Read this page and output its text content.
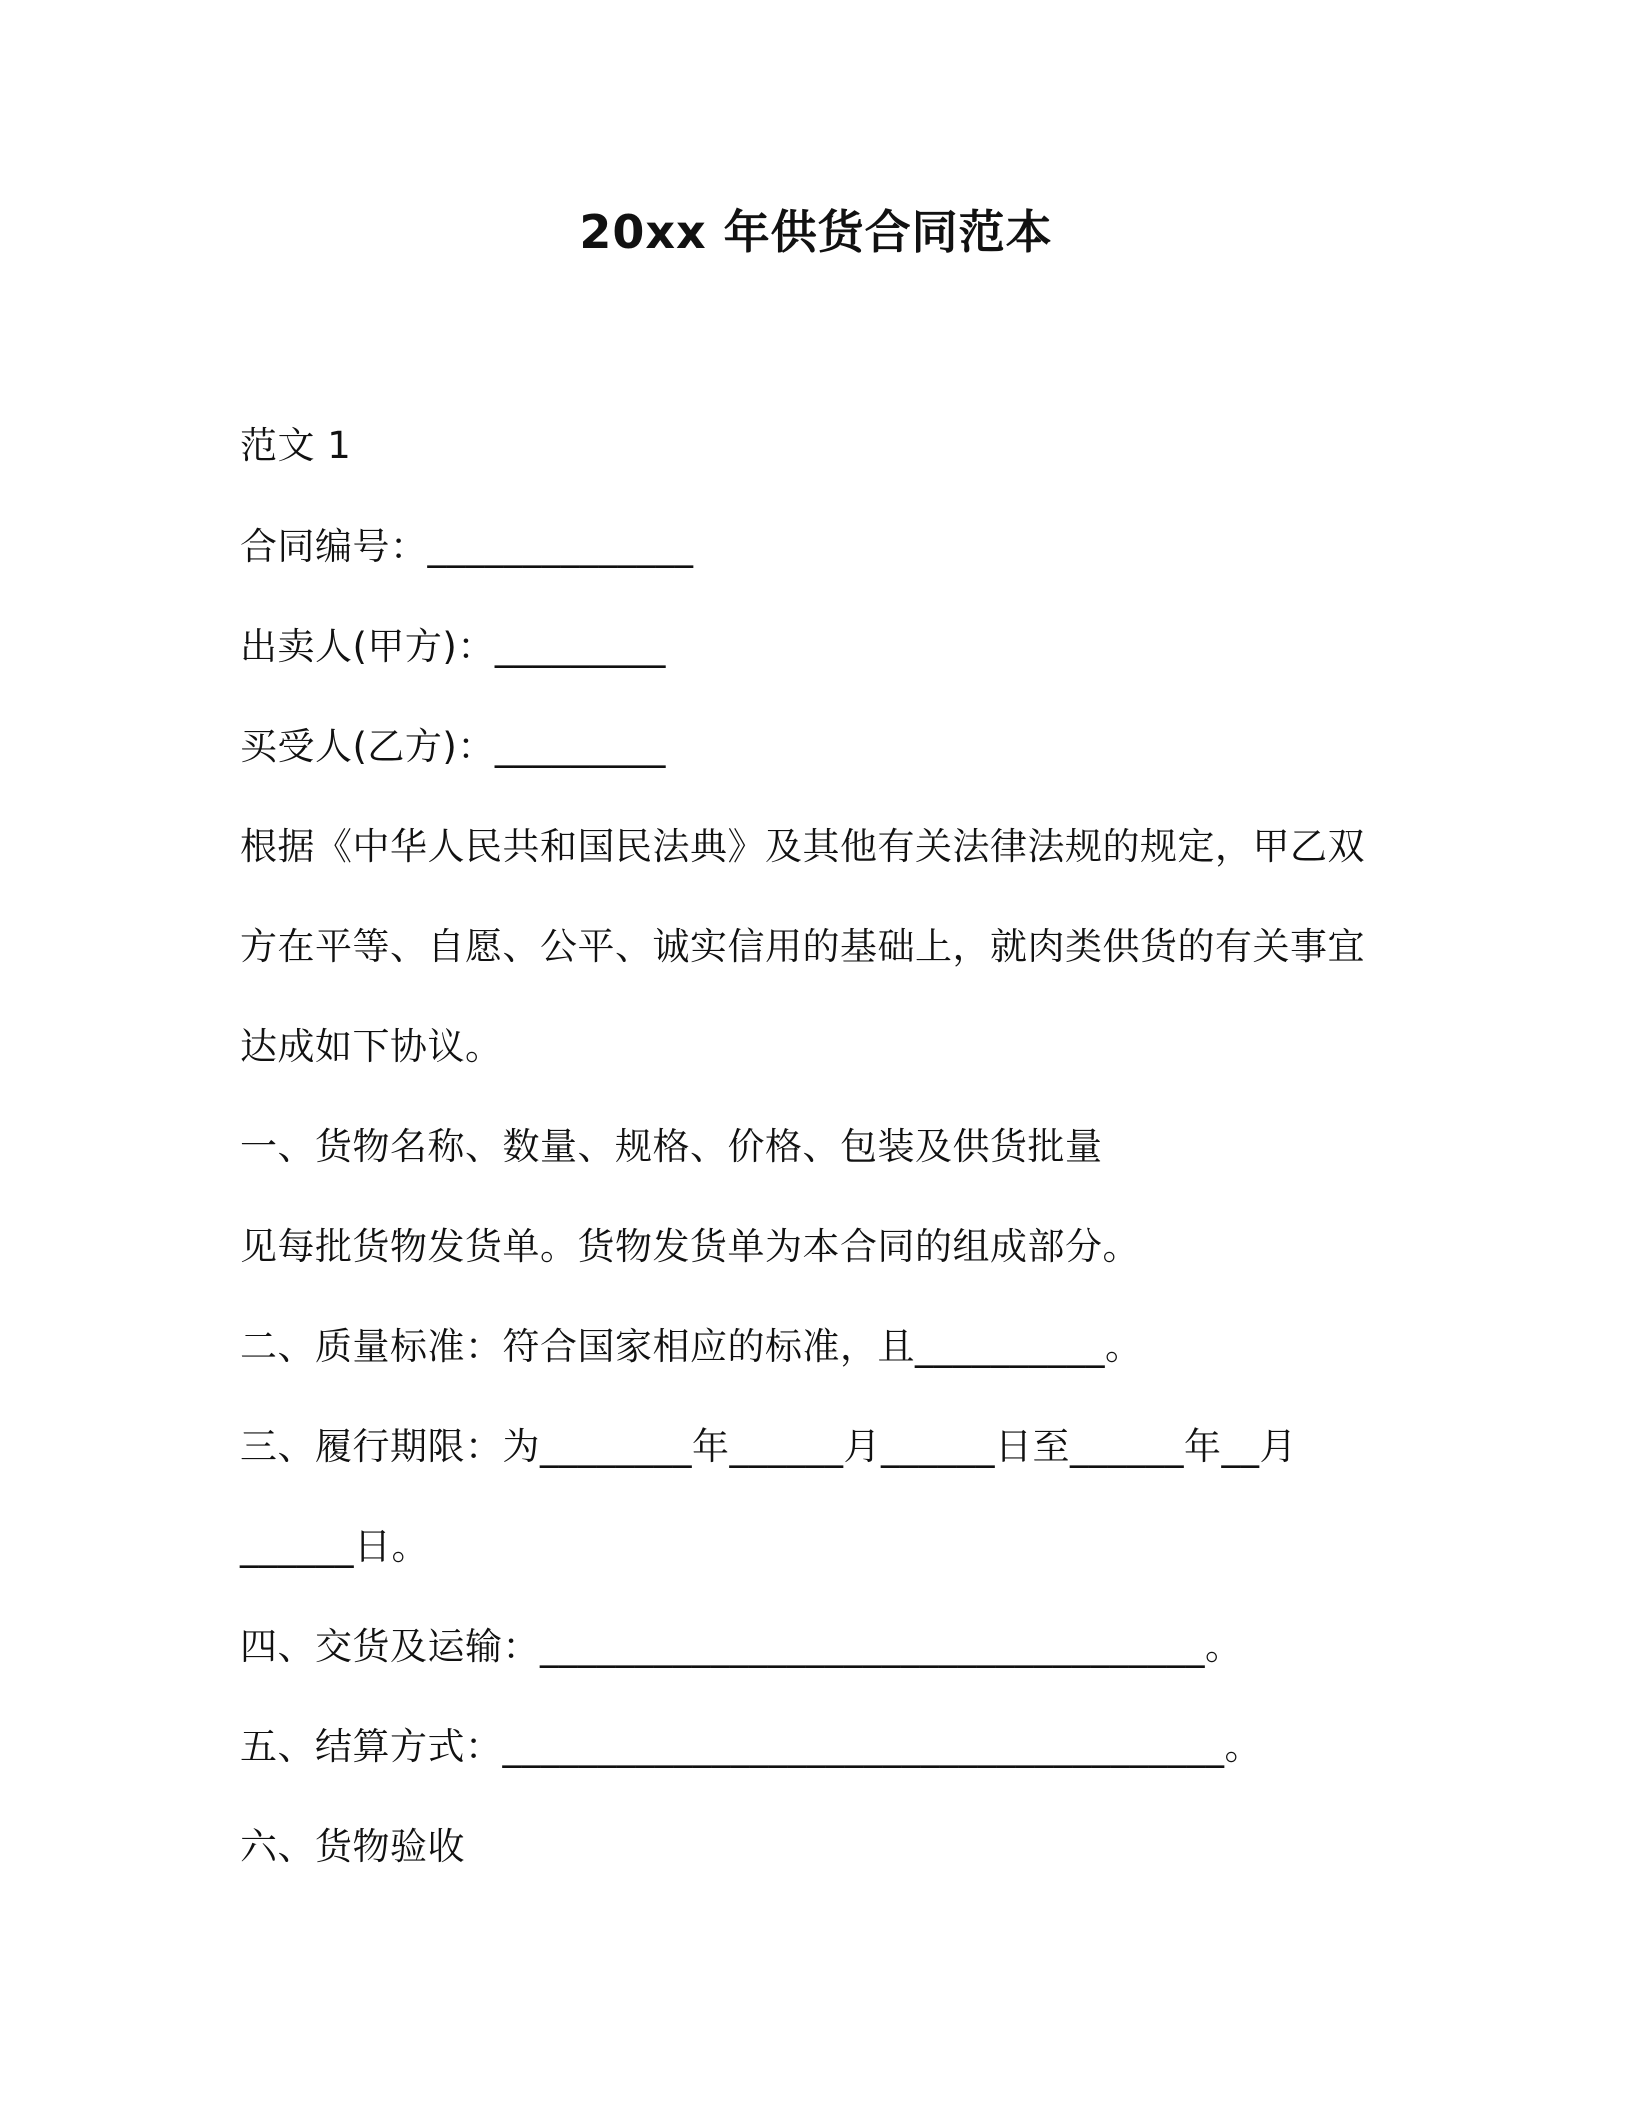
20xx 年供货合同范本
范文 1
合同编号：______________
出卖人(甲方)：_________
买受人(乙方)：_________
根据《中华人民共和国民法典》及其他有关法律法规的规定，甲乙双
方在平等、自愿、公平、诚实信用的基础上，就肉类供货的有关事宜
达成如下协议。
一、货物名称、数量、规格、价格、包装及供货批量
见每批货物发货单。货物发货单为本合同的组成部分。
二、质量标准：符合国家相应的标准，且__________。
三、履行期限：为________年______月______日至______年__月
______日。
四、交货及运输：___________________________________。
五、结算方式：______________________________________。
六、货物验收
